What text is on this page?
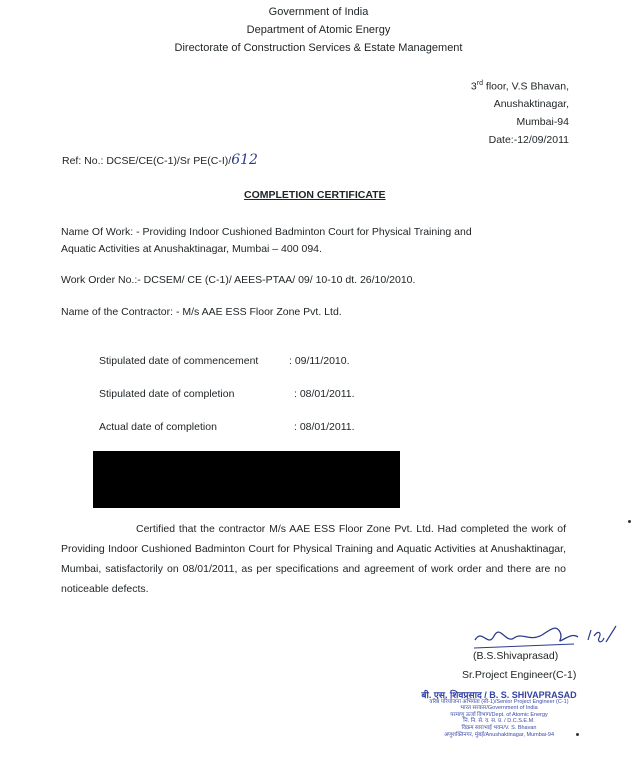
Government of India
Department of Atomic Energy
Directorate of Construction Services & Estate Management
3rd floor, V.S Bhavan,
Anushaktinagar,
Mumbai-94
Date:-12/09/2011
Ref: No.: DCSE/CE(C-1)/Sr PE(C-I)/612
COMPLETION CERTIFICATE
Name Of Work: - Providing Indoor Cushioned Badminton Court for Physical Training and
Aquatic Activities at Anushaktinagar, Mumbai – 400 094.
Work Order No.:- DCSEM/ CE (C-1)/ AEES-PTAA/ 09/ 10-10 dt. 26/10/2010.
Name of the Contractor: - M/s AAE ESS Floor Zone Pvt. Ltd.
Stipulated date of commencement	: 09/11/2010.
Stipulated date of completion	: 08/01/2011.
Actual date of completion	: 08/01/2011.
Certified that the contractor M/s AAE ESS Floor Zone Pvt. Ltd. Had completed the work of Providing Indoor Cushioned Badminton Court for Physical Training and Aquatic Activities at Anushaktinagar, Mumbai, satisfactorily on 08/01/2011, as per specifications and agreement of work order and there are no noticeable defects.
(B.S.Shivaprasad)
Sr.Project Engineer(C-1)
बी. एस. शिवप्रसाद / B. S. SHIVAPRASAD
वरिष्ठ परियोजना अभियंता (सी-1)/Senior Project Engineer (C-1)
भारत सरकार/Government of India
परमाणु ऊर्जा विभाग/Dept. of Atomic Energy
नि. नि. से. व. स. प्र. / D.C.S.E.M.
विक्रम साराभाई भवन/V. S. Bhavan
अणुशक्तिनगर, मुंबई/Anushaktinagar, Mumbai-94
